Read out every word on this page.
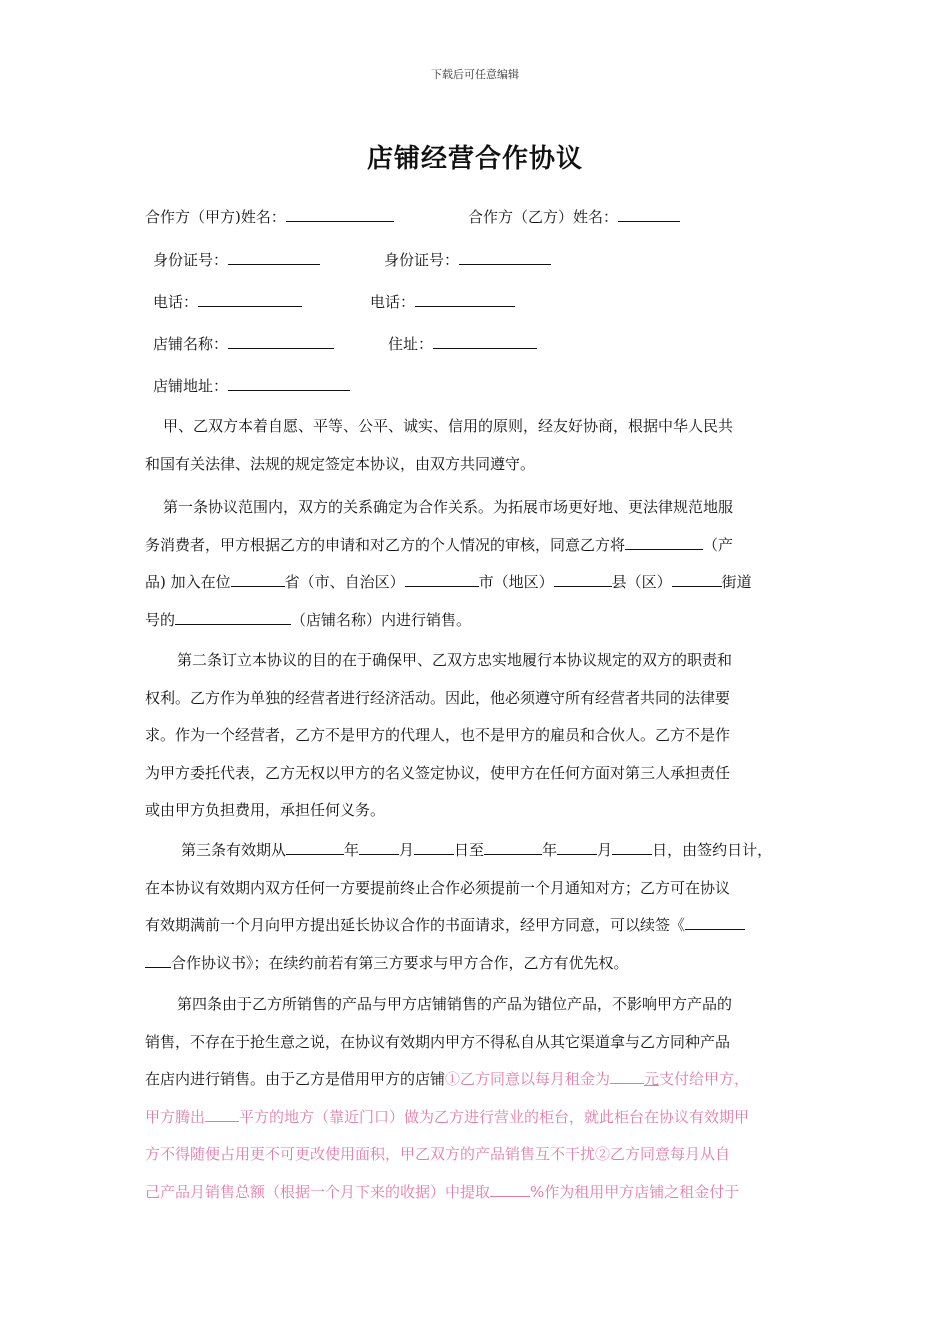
下载后可任意编辑
店铺经营合作协议
合作方（甲方)姓名：	合作方（乙方）姓名：
身份证号：	身份证号：
电话：	电话：
店铺名称：	住址：
店铺地址：
甲、乙双方本着自愿、平等、公平、诚实、信用的原则，经友好协商，根据中华人民共
和国有关法律、法规的规定签定本协议，由双方共同遵守。
第一条协议范围内，双方的关系确定为合作关系。为拓展市场更好地、更法律规范地服
务消费者，甲方根据乙方的申请和对乙方的个人情况的审核，同意乙方将	（产
品) 加入在位	省（市、自治区）	市（地区）	县（区）	街道
号的	（店铺名称）内进行销售。
第二条订立本协议的目的在于确保甲、乙双方忠实地履行本协议规定的双方的职责和
权利。乙方作为单独的经营者进行经济活动。因此，他必须遵守所有经营者共同的法律要
求。作为一个经营者，乙方不是甲方的代理人，也不是甲方的雇员和合伙人。乙方不是作
为甲方委托代表，乙方无权以甲方的名义签定协议，使甲方在任何方面对第三人承担责任
或由甲方负担费用，承担任何义务。
第三条有效期从	年	月	日至	年	月	日，由签约日计，
在本协议有效期内双方任何一方要提前终止合作必须提前一个月通知对方；乙方可在协议
有效期满前一个月向甲方提出延长协议合作的书面请求，经甲方同意，可以续签《
合作协议书》；在续约前若有第三方要求与甲方合作，乙方有优先权。
第四条由于乙方所销售的产品与甲方店铺销售的产品为错位产品，不影响甲方产品的
销售，不存在于抢生意之说，在协议有效期内甲方不得私自从其它渠道拿与乙方同种产品
在店内进行销售。由于乙方是借用甲方的店铺①乙方同意以每月租金为 元支付给甲方，
甲方腾出 平方的地方（靠近门口）做为乙方进行营业的柜台，就此柜台在协议有效期甲
方不得随便占用更不可更改使用面积，甲乙双方的产品销售互不干扰②乙方同意每月从自
己产品月销售总额（根据一个月下来的收据）中提取	%作为租用甲方店铺之租金付于
